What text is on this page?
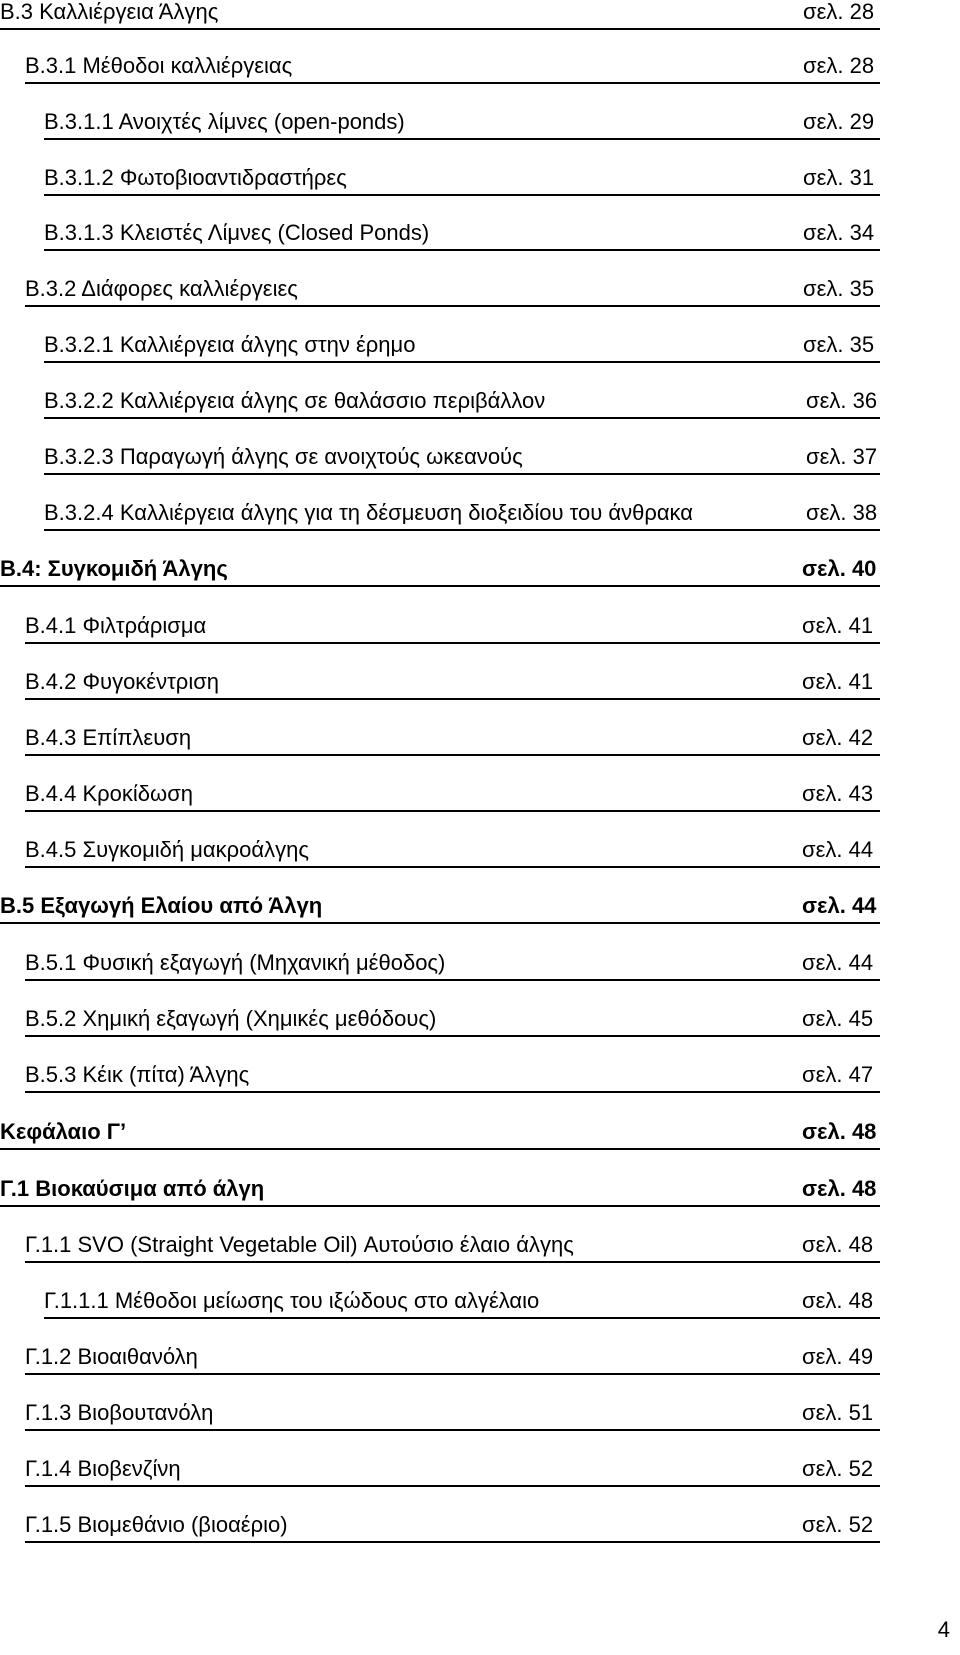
Β.3 Καλλιέργεια Άλγης	σελ. 28
Β.3.1 Μέθοδοι καλλιέργειας	σελ. 28
Β.3.1.1 Ανοιχτές λίμνες (open-ponds)	σελ. 29
Β.3.1.2 Φωτοβιοαντιδραστήρες	σελ. 31
Β.3.1.3 Κλειστές Λίμνες (Closed Ponds)	σελ. 34
Β.3.2 Διάφορες καλλιέργειες	σελ. 35
Β.3.2.1 Καλλιέργεια άλγης στην έρημο	σελ. 35
Β.3.2.2 Καλλιέργεια άλγης σε θαλάσσιο περιβάλλον	σελ. 36
Β.3.2.3 Παραγωγή άλγης σε ανοιχτούς ωκεανούς	σελ. 37
Β.3.2.4 Καλλιέργεια άλγης για τη δέσμευση διοξειδίου του άνθρακα	σελ. 38
Β.4: Συγκομιδή Άλγης	σελ. 40
Β.4.1 Φιλτράρισμα	σελ. 41
Β.4.2 Φυγοκέντριση	σελ. 41
Β.4.3 Επίπλευση	σελ. 42
Β.4.4 Κροκίδωση	σελ. 43
Β.4.5 Συγκομιδή μακροάλγης	σελ. 44
Β.5 Εξαγωγή Ελαίου από Άλγη	σελ. 44
Β.5.1 Φυσική εξαγωγή (Μηχανική μέθοδος)	σελ. 44
Β.5.2 Χημική εξαγωγή (Χημικές μεθόδους)	σελ. 45
Β.5.3 Κέικ (πίτα) Άλγης	σελ. 47
Κεφάλαιο Γ’	σελ. 48
Γ.1 Βιοκαύσιμα από άλγη	σελ. 48
Γ.1.1 SVO (Straight Vegetable Oil) Αυτούσιο έλαιο άλγης	σελ. 48
Γ.1.1.1 Μέθοδοι μείωσης του ιξώδους στο αλγέλαιο	σελ. 48
Γ.1.2 Βιοαιθανόλη	σελ. 49
Γ.1.3 Βιοβουτανόλη	σελ. 51
Γ.1.4 Βιοβενζίνη	σελ. 52
Γ.1.5 Βιομεθάνιο (βιοαέριο)	σελ. 52
4
